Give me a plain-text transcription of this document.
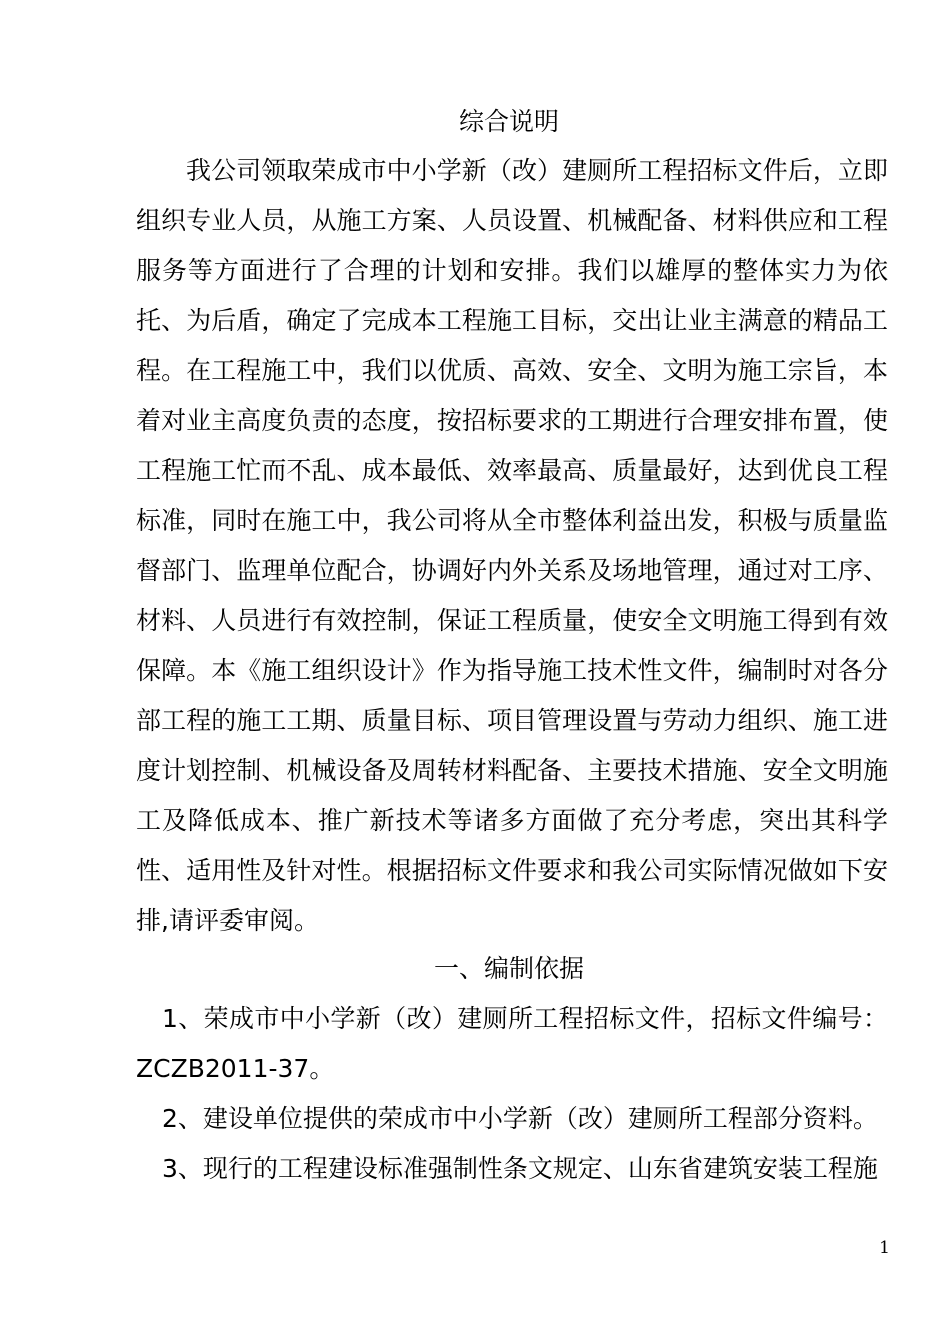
综合说明
我公司领取荣成市中小学新（改）建厕所工程招标文件后，立即组织专业人员，从施工方案、人员设置、机械配备、材料供应和工程服务等方面进行了合理的计划和安排。我们以雄厚的整体实力为依托、为后盾，确定了完成本工程施工目标，交出让业主满意的精品工程。在工程施工中，我们以优质、高效、安全、文明为施工宗旨，本着对业主高度负责的态度，按招标要求的工期进行合理安排布置，使工程施工忙而不乱、成本最低、效率最高、质量最好，达到优良工程标准，同时在施工中，我公司将从全市整体利益出发，积极与质量监督部门、监理单位配合，协调好内外关系及场地管理，通过对工序、材料、人员进行有效控制，保证工程质量，使安全文明施工得到有效保障。本《施工组织设计》作为指导施工技术性文件，编制时对各分部工程的施工工期、质量目标、项目管理设置与劳动力组织、施工进度计划控制、机械设备及周转材料配备、主要技术措施、安全文明施工及降低成本、推广新技术等诸多方面做了充分考虑，突出其科学性、适用性及针对性。根据招标文件要求和我公司实际情况做如下安排,请评委审阅。
一、编制依据
1、荣成市中小学新（改）建厕所工程招标文件，招标文件编号：ZCZB2011-37。
2、建设单位提供的荣成市中小学新（改）建厕所工程部分资料。
3、现行的工程建设标准强制性条文规定、山东省建筑安装工程施
1
